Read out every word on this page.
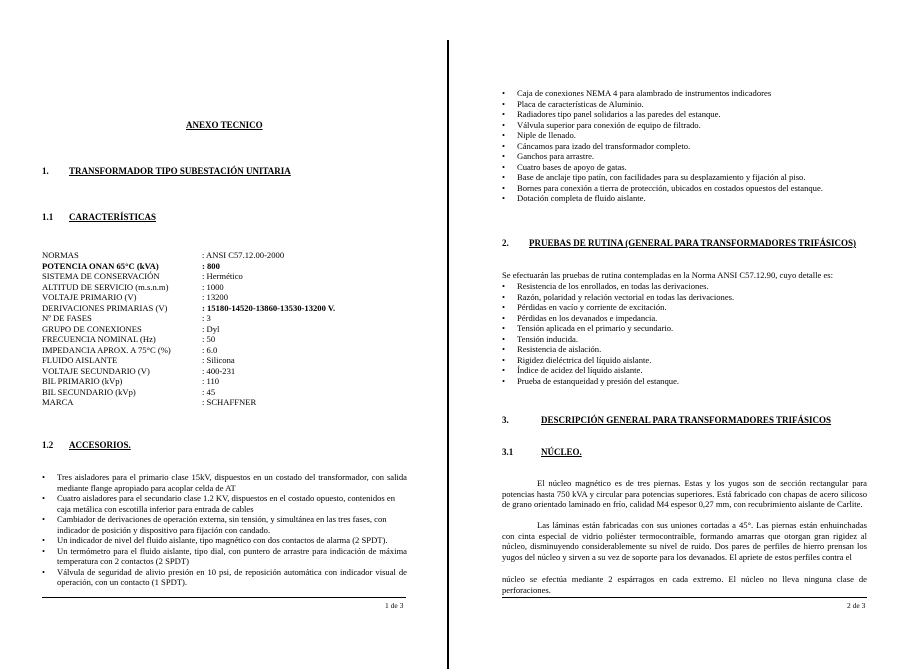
ANEXO TECNICO
1. TRANSFORMADOR TIPO SUBESTACIÓN UNITARIA
1.1 CARACTERÍSTICAS
NORMAS	: ANSI C57.12.00-2000
POTENCIA ONAN 65°C (kVA)	: 800
SISTEMA DE CONSERVACIÓN	: Hermético
ALTITUD DE SERVICIO (m.s.n.m)	: 1000
VOLTAJE PRIMARIO (V)	: 13200
DERIVACIONES PRIMARIAS (V)	: 15180-14520-13860-13530-13200 V.
Nº DE FASES	: 3
GRUPO DE CONEXIONES	: Dyl
FRECUENCIA NOMINAL (Hz)	: 50
IMPEDANCIA APROX. A 75°C (%)	: 6.0
FLUIDO AISLANTE	: Silicona
VOLTAJE SECUNDARIO (V)	: 400-231
BIL PRIMARIO (kVp)	: 110
BIL SECUNDARIO (kVp)	: 45
MARCA	: SCHAFFNER
1.2 ACCESORIOS.
• Tres aisladores para el primario clase 15kV, dispuestos en un costado del transformador, con salida mediante flange apropiado para acoplar celda de AT
• Cuatro aisladores para el secundario clase 1.2 KV, dispuestos en el costado opuesto, contenidos en caja metálica con escotilla inferior para entrada de cables
• Cambiador de derivaciones de operación externa, sin tensión, y simultánea en las tres fases, con indicador de posición y dispositivo para fijación con candado.
• Un indicador de nivel del fluido aislante, tipo magnético con dos contactos de alarma (2 SPDT).
• Un termómetro para el fluido aislante, tipo dial, con puntero de arrastre para indicación de máxima temperatura con 2 contactos (2 SPDT)
• Válvula de seguridad de alivio presión en 10 psi, de reposición automática con indicador visual de operación, con un contacto (1 SPDT).
1 de 3
• Caja de conexiones NEMA 4 para alambrado de instrumentos indicadores
• Placa de características de Aluminio.
• Radiadores tipo panel solidarios a las paredes del estanque.
• Válvula superior para conexión de equipo de filtrado.
• Niple de llenado.
• Cáncamos para izado del transformador completo.
• Ganchos para arrastre.
• Cuatro bases de apoyo de gatas.
• Base de anclaje tipo patín, con facilidades para su desplazamiento y fijación al piso.
• Bornes para conexión a tierra de protección, ubicados en costados opuestos del estanque.
• Dotación completa de fluido aislante.
2. PRUEBAS DE RUTINA (GENERAL PARA TRANSFORMADORES TRIFÁSICOS)
Se efectuarán las pruebas de rutina contempladas en la Norma ANSI C57.12.90, cuyo detalle es:
• Resistencia de los enrollados, en todas las derivaciones.
• Razón, polaridad y relación vectorial en todas las derivaciones.
• Pérdidas en vacío y corriente de excitación.
• Pérdidas en los devanados e impedancia.
• Tensión aplicada en el primario y secundario.
• Tensión inducida.
• Resistencia de aislación.
• Rigidez dieléctrica del líquido aislante.
• Índice de acidez del líquido aislante.
• Prueba de estanqueidad y presión del estanque.
3.	DESCRIPCIÓN GENERAL PARA TRANSFORMADORES TRIFÁSICOS
3.1	NÚCLEO.
El núcleo magnético es de tres piernas. Estas y los yugos son de sección rectangular para potencias hasta 750 kVA y circular para potencias superiores. Está fabricado con chapas de acero silicoso de grano orientado laminado en frío, calidad M4 espesor 0,27 mm, con recubrimiento aislante de Carlite.
Las láminas están fabricadas con sus uniones cortadas a 45°. Las piernas están enhuinchadas con cinta especial de vidrio poliéster termocontraíble, formando amarras que otorgan gran rigidez al núcleo, disminuyendo considerablemente su nivel de ruido. Dos pares de perfiles de hierro prensan los yugos del núcleo y sirven a su vez de soporte para los devanados. El apriete de estos perfiles contra el
núcleo se efectúa mediante 2 espárragos en cada extremo. El núcleo no lleva ninguna clase de perforaciones.
2 de 3
